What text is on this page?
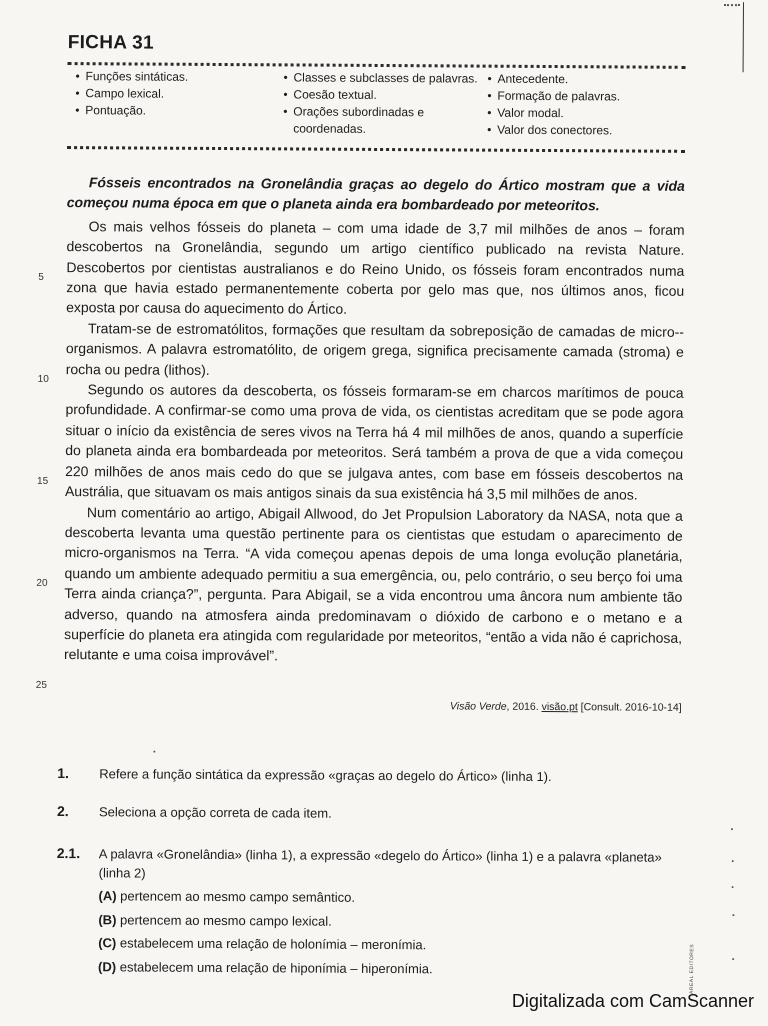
FICHA 31
• Funções sintáticas.
• Campo lexical.
• Pontuação.
• Classes e subclasses de palavras.
• Coesão textual.
• Orações subordinadas e coordenadas.
• Antecedente.
• Formação de palavras.
• Valor modal.
• Valor dos conectores.
5
10
15
20
25

Fósseis encontrados na Gronelândia graças ao degelo do Ártico mostram que a vida começou numa época em que o planeta ainda era bombardeado por meteoritos.

Os mais velhos fósseis do planeta – com uma idade de 3,7 mil milhões de anos – foram descobertos na Gronelândia, segundo um artigo científico publicado na revista Nature. Descobertos por cientistas australianos e do Reino Unido, os fósseis foram encontrados numa zona que havia estado permanentemente coberta por gelo mas que, nos últimos anos, ficou exposta por causa do aquecimento do Ártico.

Tratam-se de estromatólitos, formações que resultam da sobreposição de camadas de micro--organismos. A palavra estromatólito, de origem grega, significa precisamente camada (stroma) e rocha ou pedra (lithos).

Segundo os autores da descoberta, os fósseis formaram-se em charcos marítimos de pouca profundidade. A confirmar-se como uma prova de vida, os cientistas acreditam que se pode agora situar o início da existência de seres vivos na Terra há 4 mil milhões de anos, quando a superfície do planeta ainda era bombardeada por meteoritos. Será também a prova de que a vida começou 220 milhões de anos mais cedo do que se julgava antes, com base em fósseis descobertos na Austrália, que situavam os mais antigos sinais da sua existência há 3,5 mil milhões de anos.

Num comentário ao artigo, Abigail Allwood, do Jet Propulsion Laboratory da NASA, nota que a descoberta levanta uma questão pertinente para os cientistas que estudam o aparecimento de micro-organismos na Terra. “A vida começou apenas depois de uma longa evolução planetária, quando um ambiente adequado permitiu a sua emergência, ou, pelo contrário, o seu berço foi uma Terra ainda criança?”, pergunta. Para Abigail, se a vida encontrou uma âncora num ambiente tão adverso, quando na atmosfera ainda predominavam o dióxido de carbono e o metano e a superfície do planeta era atingida com regularidade por meteoritos, “então a vida não é caprichosa, relutante e uma coisa improvável”.

Visão Verde, 2016. visão.pt [Consult. 2016-10-14]
1. Refere a função sintática da expressão «graças ao degelo do Ártico» (linha 1).
2. Seleciona a opção correta de cada item.
2.1. A palavra «Gronelândia» (linha 1), a expressão «degelo do Ártico» (linha 1) e a palavra «planeta» (linha 2)
(A) pertencem ao mesmo campo semântico.
(B) pertencem ao mesmo campo lexical.
(C) estabelecem uma relação de holonímia – meronímia.
(D) estabelecem uma relação de hiponímia – hiperonímia.	AREAL EDITORES
Digitalizada com CamScanner
